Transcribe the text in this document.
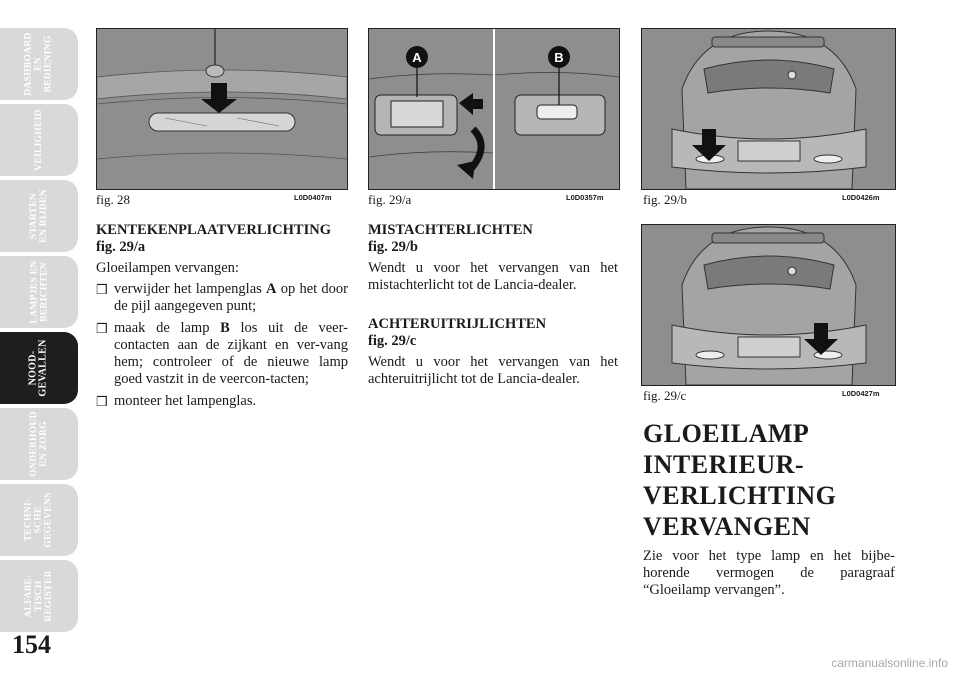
DASHBOARD
EN
BEDIENING
VEILIGHEID
STARTEN
EN RIJDEN
LAMPJES EN
BERICHTEN
NOOD-
GEVALLEN
ONDERHOUD
EN ZORG
TECHNI-
SCHE
GEGEVENS
ALFABE-
TISCH
REGISTER
154
fig. 28	L0D0407m
A	B
fig. 29/a	L0D0357m	fig. 29/b	L0D0426m
fig. 29/c	L0D0427m
KENTEKENPLAATVERLICHTING
fig. 29/a

Gloeilampen vervangen:

❒ verwijder het lampenglas A op het door de pijl aangegeven punt;
❒ maak de lamp B los uit de veer-contacten aan de zijkant en ver-vang hem; controleer of de nieuwe lamp goed vastzit in de veercon-tacten;
❒ monteer het lampenglas.
MISTACHTERLICHTEN
fig. 29/b

Wendt u voor het vervangen van het mistachterlicht tot de Lancia-dealer.

ACHTERUITRIJLICHTEN
fig. 29/c

Wendt u voor het vervangen van het achteruitrijlicht tot de Lancia-dealer.

GLOEILAMP
INTERIEUR-
VERLICHTING
VERVANGEN

Zie voor het type lamp en het bijbe-horende vermogen de paragraaf “Gloeilamp vervangen”.

carmanualsonline.info
